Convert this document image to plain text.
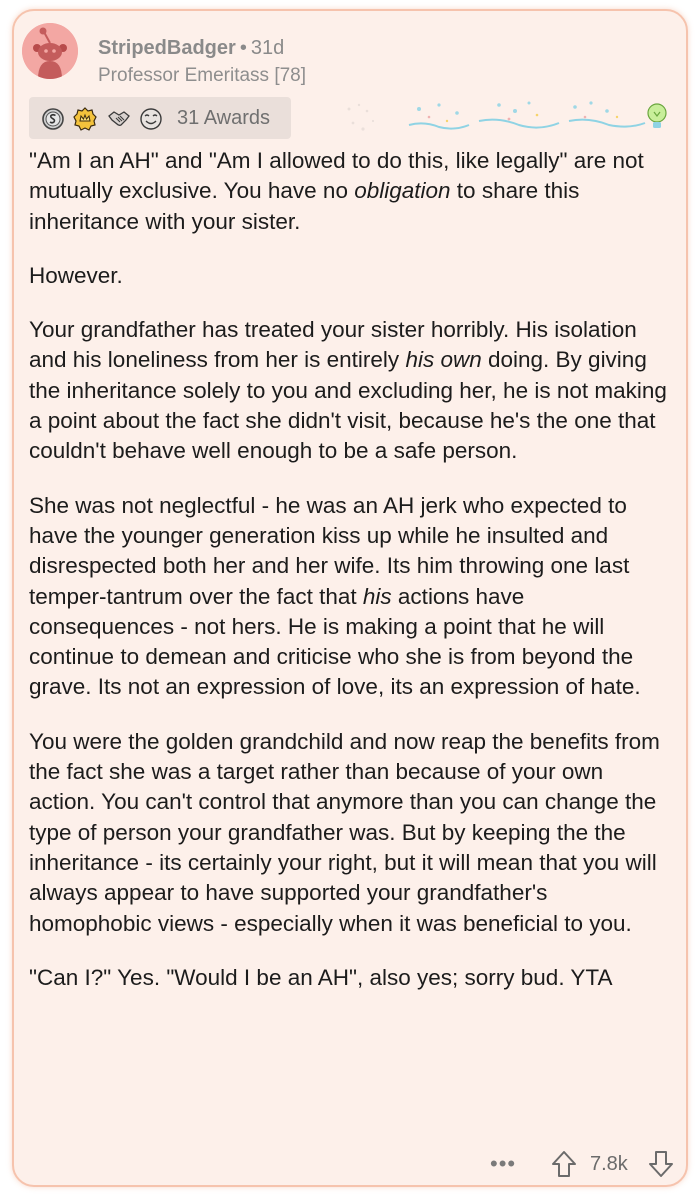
StripedBadger • 31d
Professor Emeritass [78]
31 Awards

"Am I an AH" and "Am I allowed to do this, like legally" are not mutually exclusive. You have no obligation to share this inheritance with your sister.

However.

Your grandfather has treated your sister horribly. His isolation and his loneliness from her is entirely his own doing. By giving the inheritance solely to you and excluding her, he is not making a point about the fact she didn't visit, because he's the one that couldn't behave well enough to be a safe person.

She was not neglectful - he was an AH jerk who expected to have the younger generation kiss up while he insulted and disrespected both her and her wife. Its him throwing one last temper-tantrum over the fact that his actions have consequences - not hers. He is making a point that he will continue to demean and criticise who she is from beyond the grave. Its not an expression of love, its an expression of hate.

You were the golden grandchild and now reap the benefits from the fact she was a target rather than because of your own action. You can't control that anymore than you can change the type of person your grandfather was. But by keeping the the inheritance - its certainly your right, but it will mean that you will always appear to have supported your grandfather's homophobic views - especially when it was beneficial to you.

"Can I?" Yes. "Would I be an AH", also yes; sorry bud. YTA

•••	7.8k
